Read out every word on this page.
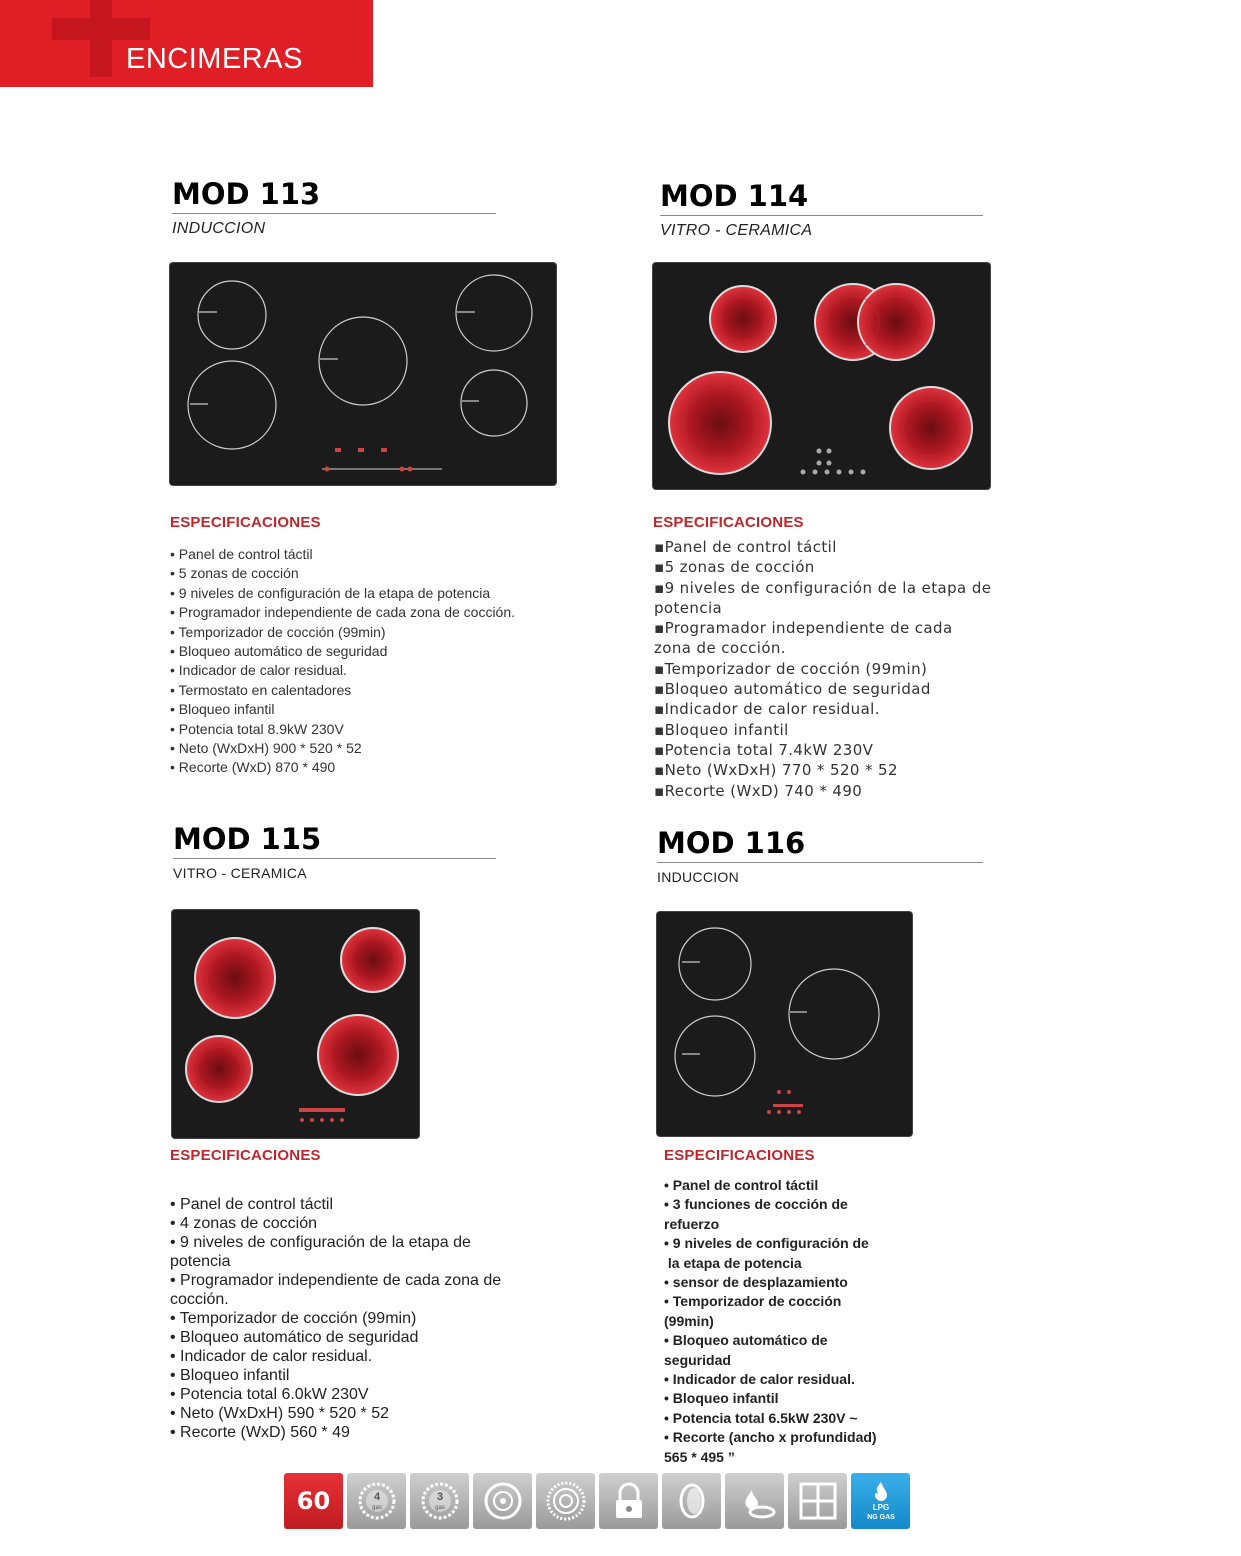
ENCIMERAS
MOD 113
INDUCCION
ESPECIFICACIONES
• Panel de control táctil
• 5 zonas de cocción
• 9 niveles de configuración de la etapa de potencia
• Programador independiente de cada zona de cocción.
• Temporizador de cocción (99min)
• Bloqueo automático de seguridad
• Indicador de calor residual.
• Termostato en calentadores
• Bloqueo infantil
• Potencia total 8.9kW 230V
• Neto (WxDxH) 900 * 520 * 52
• Recorte (WxD) 870 * 490
MOD 114
VITRO - CERAMICA
ESPECIFICACIONES
▪Panel de control táctil
▪5 zonas de cocción
▪9 niveles de configuración de la etapa de potencia
▪Programador independiente de cada zona de cocción.
▪Temporizador de cocción (99min)
▪Bloqueo automático de seguridad
▪Indicador de calor residual.
▪Bloqueo infantil
▪Potencia total 7.4kW 230V
▪Neto (WxDxH) 770 * 520 * 52
▪Recorte (WxD) 740 * 490
MOD 115
VITRO - CERAMICA
ESPECIFICACIONES
• Panel de control táctil
• 4 zonas de cocción
• 9 niveles de configuración de la etapa de potencia
• Programador independiente de cada zona de cocción.
• Temporizador de cocción (99min)
• Bloqueo automático de seguridad
• Indicador de calor residual.
• Bloqueo infantil
• Potencia total 6.0kW 230V
• Neto (WxDxH) 590 * 520 * 52
• Recorte (WxD) 560 * 49
MOD 116
INDUCCION
ESPECIFICACIONES
• Panel de control táctil
• 3 funciones de cocción de refuerzo
• 9 niveles de configuración de
la etapa de potencia
• sensor de desplazamiento
• Temporizador de cocción (99min)
• Bloqueo automático de seguridad
• Indicador de calor residual.
• Bloqueo infantil
• Potencia total 6.5kW 230V ~
• Recorte (ancho x profundidad) 565 * 495 ”
60	4
gas
3
gas	LPG
NG GAS
